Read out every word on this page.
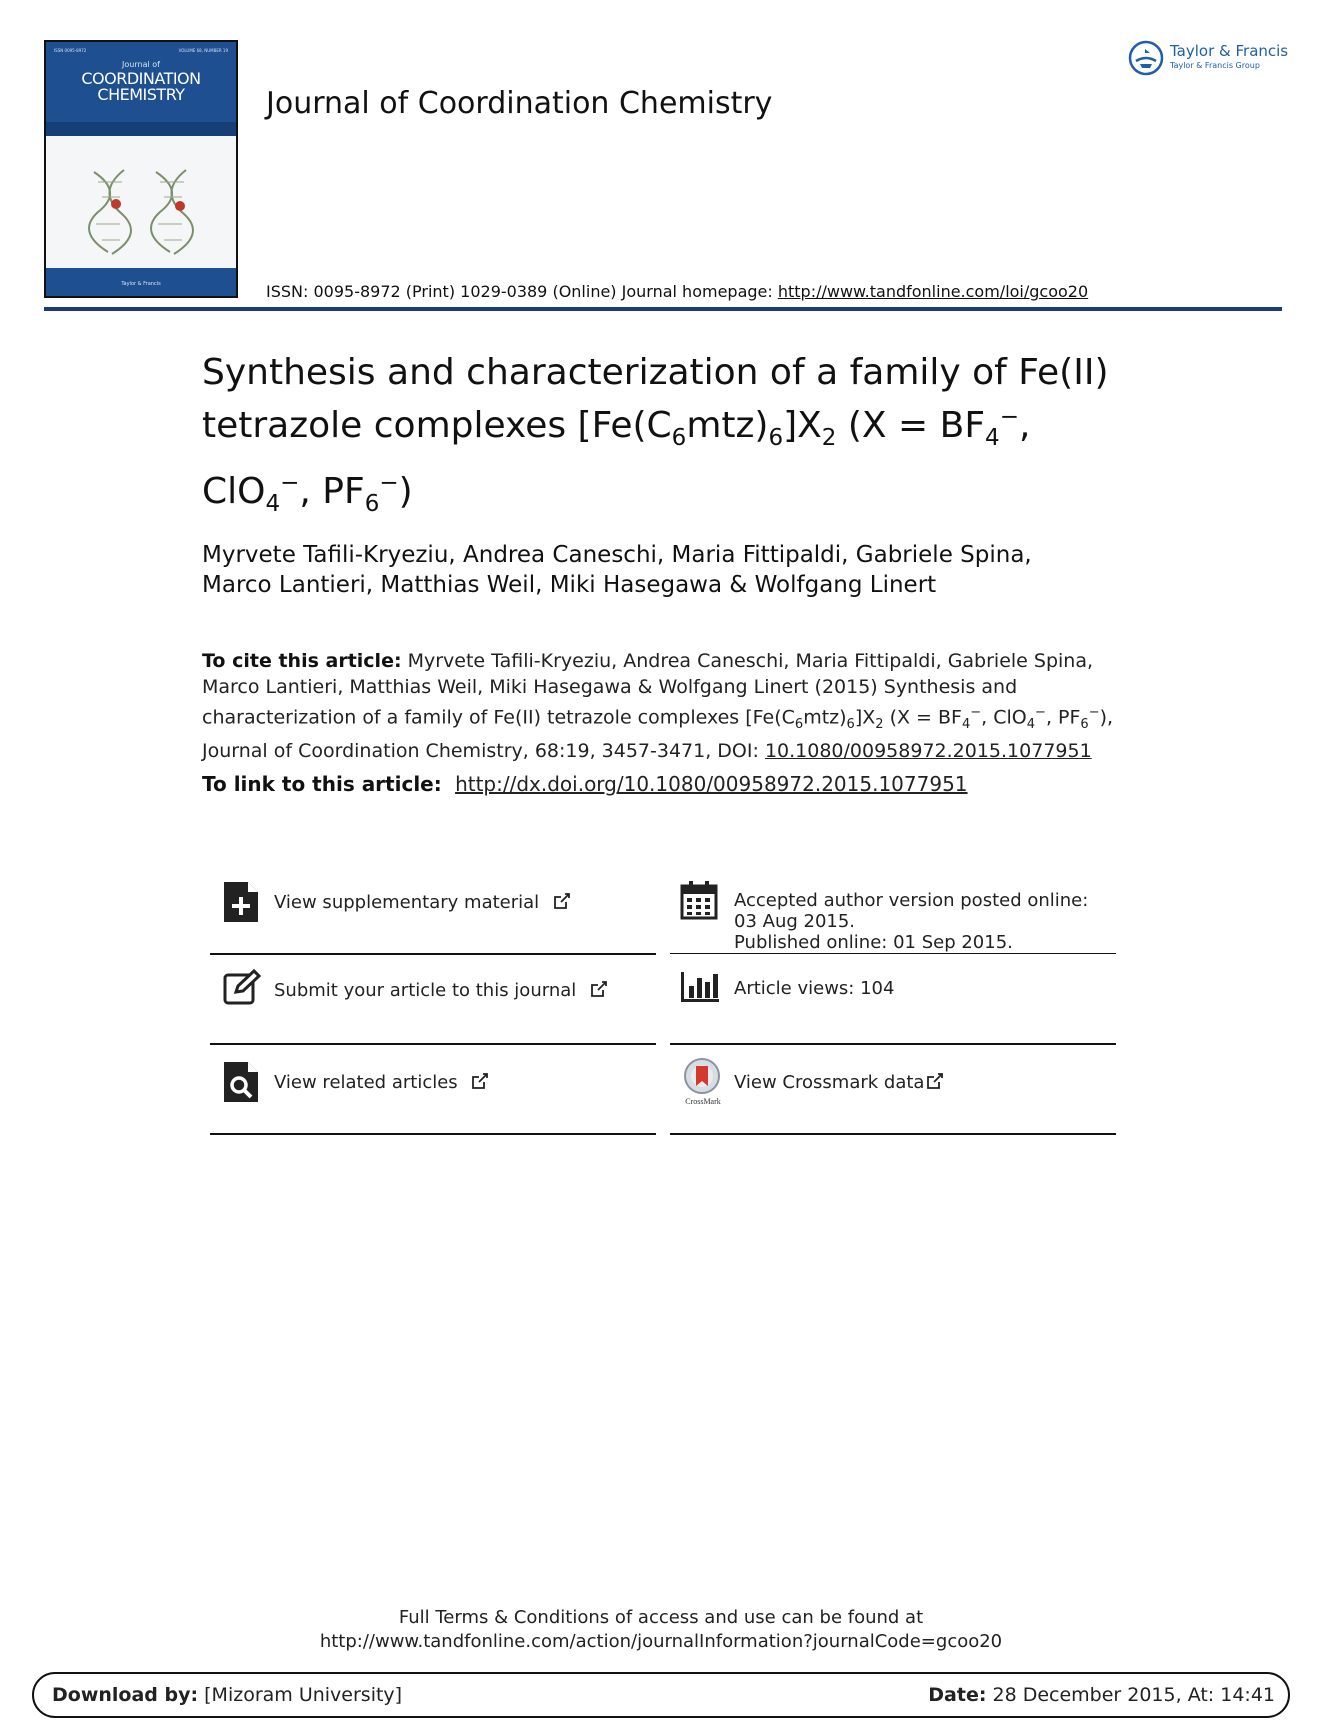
ISSN 0095-8972	VOLUME 68, NUMBER 19
Journal of
COORDINATION
CHEMISTRY
Taylor & Francis
Journal of Coordination Chemistry
Taylor & Francis
Taylor & Francis Group
ISSN: 0095-8972 (Print) 1029-0389 (Online) Journal homepage: http://www.tandfonline.com/loi/gcoo20
Synthesis and characterization of a family of Fe(II)
tetrazole complexes $[Fe(C_6mtz)_6]X_2$ ($X = BF_4^-$,
ClO$_4$−, $PF_6^-$)
Myrvete Tafili-Kryeziu, Andrea Caneschi, Maria Fittipaldi, Gabriele Spina,
Marco Lantieri, Matthias Weil, Miki Hasegawa & Wolfgang Linert
To cite this article: Myrvete Tafili-Kryeziu, Andrea Caneschi, Maria Fittipaldi, Gabriele Spina, Marco Lantieri, Matthias Weil, Miki Hasegawa & Wolfgang Linert (2015) Synthesis and characterization of a family of Fe(II) tetrazole complexes $[Fe(C_6mtz)_6]X_2$ ($X = BF_4^-$, ClO$_4$−, $PF_6^-$), Journal of Coordination Chemistry, 68:19, 3457-3471, DOI: 10.1080/00958972.2015.1077951
To link to this article:  http://dx.doi.org/10.1080/00958972.2015.1077951
View supplementary material
Submit your article to this journal
View related articles
Accepted author version posted online: 03 Aug 2015.
Published online: 01 Sep 2015.
Article views: 104
CrossMark
View Crossmark data
Full Terms & Conditions of access and use can be found at
http://www.tandfonline.com/action/journalInformation?journalCode=gcoo20
Download by: [Mizoram University]	Date: 28 December 2015, At: 14:41
